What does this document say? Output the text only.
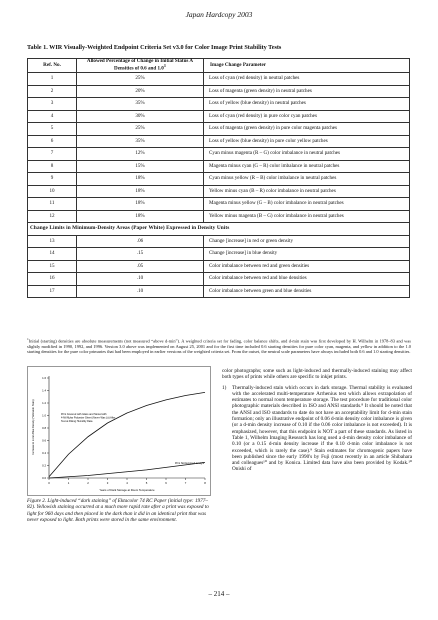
Japan Hardcopy 2003
Table 1. WIR Visually-Weighted Endpoint Criteria Set v3.0 for Color Image Print Stability Tests
Ref. No.	Allowed Percentage of Change in Initial Status A Densities of 0.6 and $1.0^1$	Image Change Parameter
1	25%	Loss of cyan (red density) in neutral patches
2	20%	Loss of magenta (green density) in neutral patches
3	35%	Loss of yellow (blue density) in neutral patches
4	30%	Loss of cyan (red density) in pure color cyan patches
5	25%	Loss of magenta (green density) in pure color magenta patches
6	35%	Loss of yellow (blue density) in pure color yellow patches
7	12%	Cyan minus magenta (R – G) color imbalance in neutral patches
8	15%	Magenta minus cyan (G – R) color imbalance in neutral patches
9	18%	Cyan minus yellow (R – B) color imbalance in neutral patches
10	18%	Yellow minus cyan (B – R) color imbalance in neutral patches
11	18%	Magenta minus yellow (G – B) color imbalance in neutral patches
12	18%	Yellow minus magenta (B – G) color imbalance in neutral patches
Change Limits in Minimum-Density Areas (Paper White) Expressed in Density Units		
13	.06	Change [increase] in red or green density
14	.15	Change [increase] in blue density
15	.05	Color imbalance between red and green densities
16	.10	Color imbalance between red and blue densities
17	.10	Color imbalance between green and blue densities
$^1$Initial (starting) densities are absolute measurements (not measured “above d-min”). A weighted criteria set for fading, color balance shifts, and d-min stain was first developed by H. Wilhelm in 1978–83 and was slightly modified in 1990, 1992, and 1996. Version 3.0 above was implemented on August 25, 2001 and for the first time included 0.6 starting densities for pure color cyan, magenta, and yellow in addition to the 1.0 starting densities for the pure color primaries that had been employed in earlier versions of the weighted criteria set. From the outset, the neutral scale parameters have always included both 0.6 and 1.0 starting densities.
0.0
0.2
0.4
0.6
0.8
1.0
1.2
1.4
1.6
0	1	2	3	4	5	6	7	8
Increase in d-min Blue Density (Yellowish Stain)
Years of Dark Storage at Room Temperature
Print Covered with Glass and Stored with
4-Mil Mylar Polyester Sheet (Never Was Lit) After
Test at Rising Humidity Data
Print Not Exposed to Light
Figure 2. Light-induced “dark staining” of Ektacolor 74 RC Paper (initial type: 1977–82). Yellowish staining occurred at a much more rapid rate after a print was exposed to light for 960 days and then placed in the dark than it did in an identical print that was never exposed to light. Both prints were stored in the same environment.

color photographs; some such as light-induced and thermally-induced staining may affect both types of prints while others are specific to inkjet prints.

1)	Thermally-induced stain which occurs in dark storage. Thermal stability is evaluated with the accelerated multi-temperature Arrhenius test which allows extrapolation of estimates to normal room temperature storage. The test procedure for traditional color photographic materials described in ISO and ANSI standards.⁸ It should be noted that the ANSI and ISO standards to date do not have an acceptability limit for d-min stain formation; only an illustrative endpoint of 0.06 d-min density color imbalance is given (or a d-min density increase of 0.10 if the 0.06 color imbalance is not exceeded). It is emphasized, however, that this endpoint is NOT a part of these standards. As listed in Table 1, Wilhelm Imaging Research has long used a d-min density color imbalance of 0.10 (or a 0.15 d-min density increase if the 0.10 d-min color imbalance is not exceeded, which is rarely the case).⁹ Stain estimates for chromogenic papers have been published since the early 1990's by Fuji (most recently in an article Shibahara and colleagues¹⁰ and by Konica. Limited data have also been provided by Kodak.¹⁰ Onishi of
– 214 –
